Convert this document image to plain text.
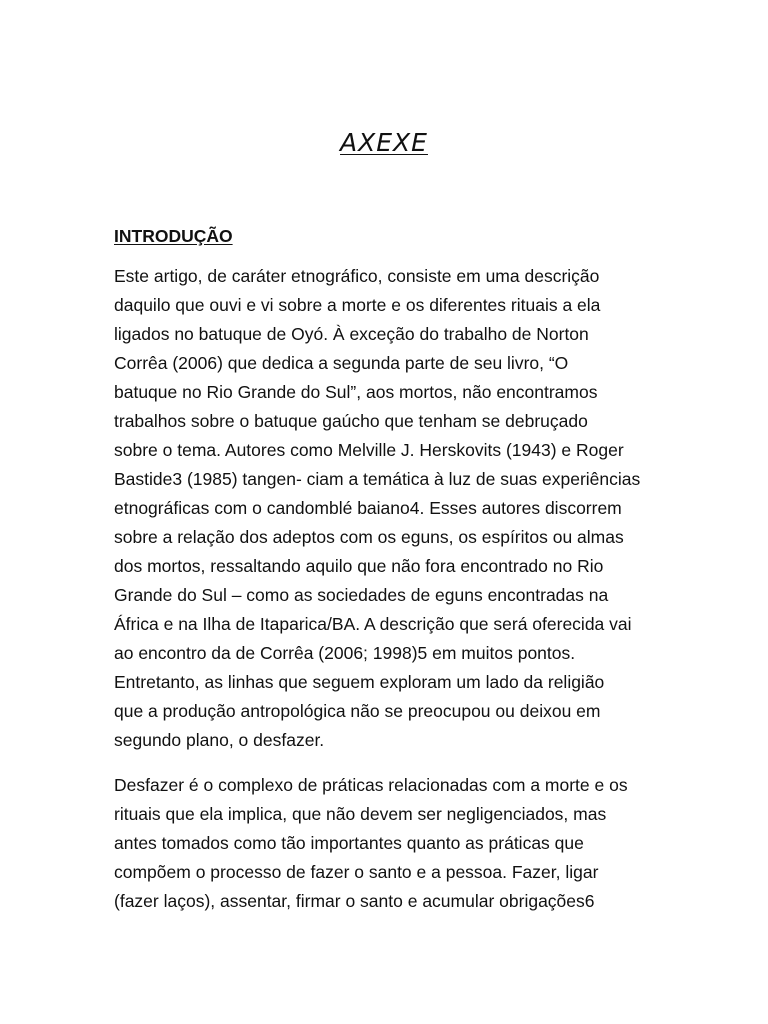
AXEXE
INTRODUÇÃO
Este artigo, de caráter etnográfico, consiste em uma descrição
daquilo que ouvi e vi sobre a morte e os diferentes rituais a ela
ligados no batuque de Oyó. À exceção do trabalho de Norton
Corrêa (2006) que dedica a segunda parte de seu livro, “O
batuque no Rio Grande do Sul”, aos mortos, não encontramos
trabalhos sobre o batuque gaúcho que tenham se debruçado
sobre o tema. Autores como Melville J. Herskovits (1943) e Roger
Bastide3 (1985) tangen- ciam a temática à luz de suas experiências
etnográficas com o candomblé baiano4. Esses autores discorrem
sobre a relação dos adeptos com os eguns, os espíritos ou almas
dos mortos, ressaltando aquilo que não fora encontrado no Rio
Grande do Sul – como as sociedades de eguns encontradas na
África e na Ilha de Itaparica/BA. A descrição que será oferecida vai
ao encontro da de Corrêa (2006; 1998)5 em muitos pontos.
Entretanto, as linhas que seguem exploram um lado da religião
que a produção antropológica não se preocupou ou deixou em
segundo plano, o desfazer.
Desfazer é o complexo de práticas relacionadas com a morte e os
rituais que ela implica, que não devem ser negligenciados, mas
antes tomados como tão importantes quanto as práticas que
compõem o processo de fazer o santo e a pessoa. Fazer, ligar
(fazer laços), assentar, firmar o santo e acumular obrigações6
